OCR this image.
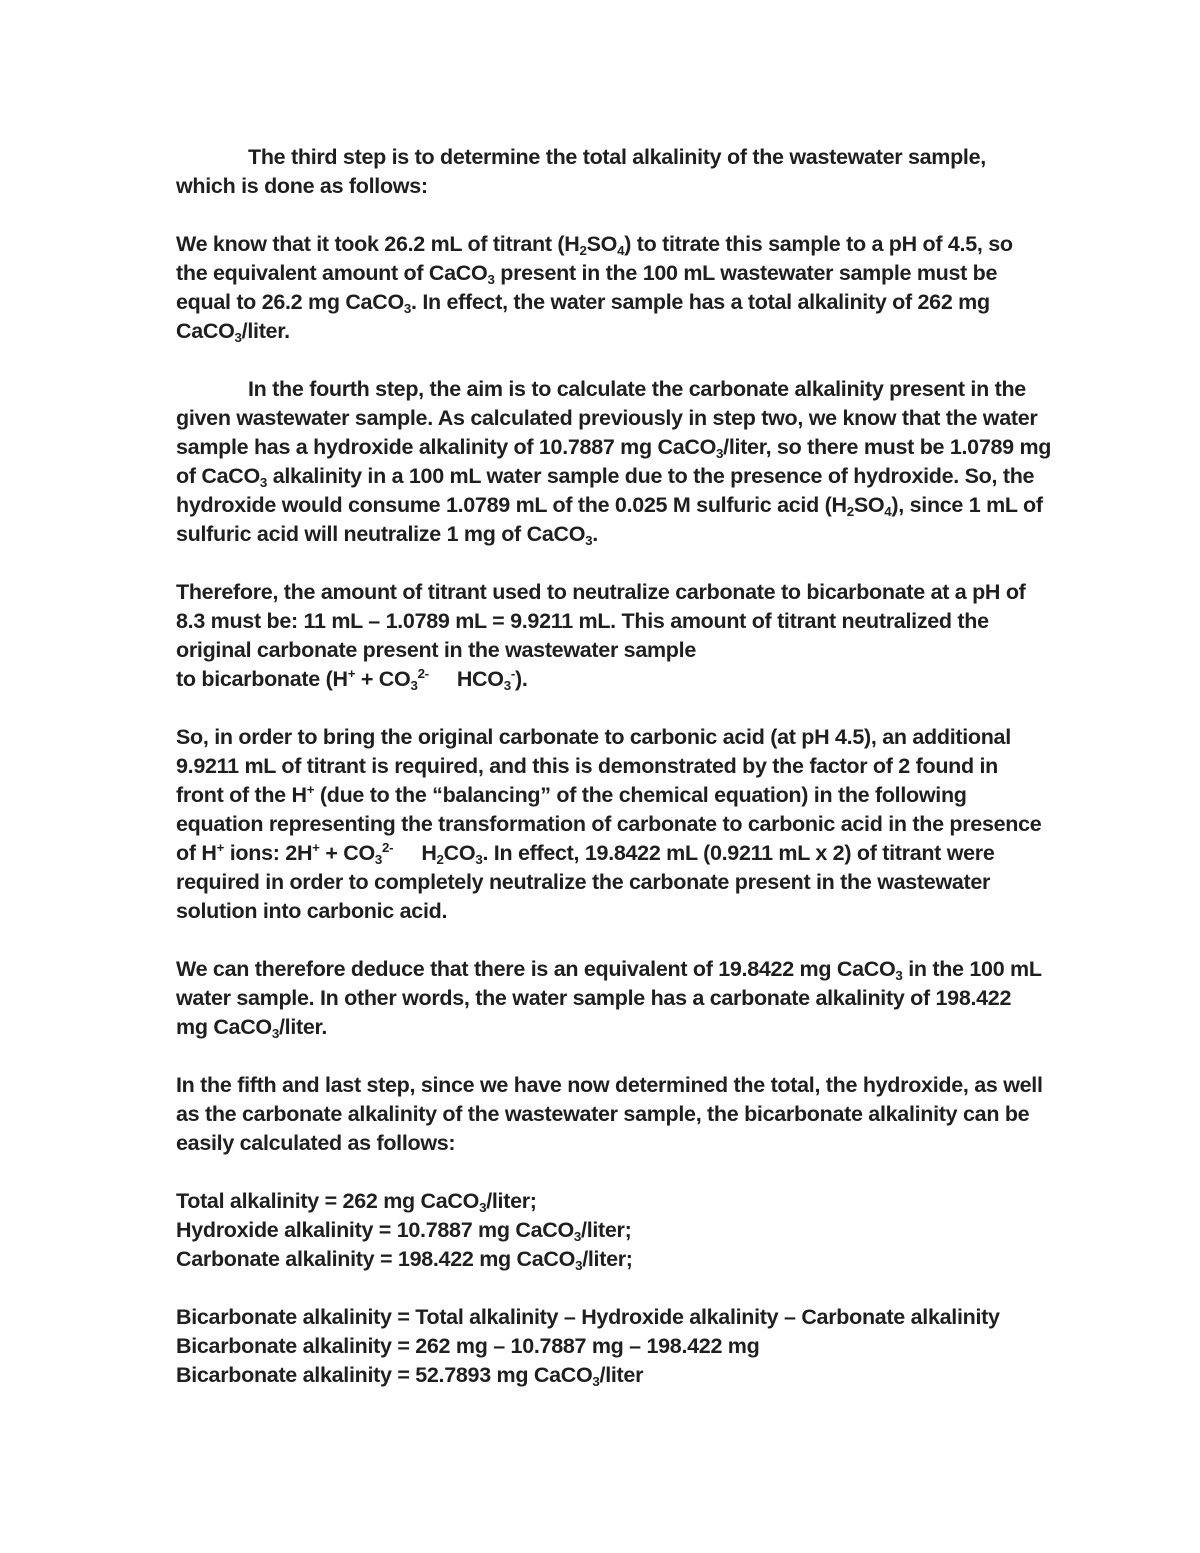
The third step is to determine the total alkalinity of the wastewater sample,
which is done as follows:

We know that it took 26.2 mL of titrant $(H_2SO_4)$ to titrate this sample to a pH of 4.5, so
the equivalent amount of CaCO$_3$ present in the 100 mL wastewater sample must be
equal to 26.2 mg CaCO$_3$. In effect, the water sample has a total alkalinity of 262 mg
CaCO$_3$/liter.

In the fourth step, the aim is to calculate the carbonate alkalinity present in the
given wastewater sample. As calculated previously in step two, we know that the water
sample has a hydroxide alkalinity of 10.7887 mg CaCO$_3$/liter, so there must be 1.0789 mg
of CaCO$_3$ alkalinity in a 100 mL water sample due to the presence of hydroxide. So, the
hydroxide would consume 1.0789 mL of the 0.025 M sulfuric acid $(H_2SO_4)$, since 1 mL of
sulfuric acid will neutralize 1 mg of CaCO$_3$.

Therefore, the amount of titrant used to neutralize carbonate to bicarbonate at a pH of
8.3 must be: 11 mL – 1.0789 mL = 9.9211 mL. This amount of titrant neutralized the
original carbonate present in the wastewater sample
to bicarbonate ($H^+ + CO_3^{2-}$ $HCO_3^-$).

So, in order to bring the original carbonate to carbonic acid (at pH 4.5), an additional
9.9211 mL of titrant is required, and this is demonstrated by the factor of 2 found in
front of the H+ (due to the “balancing” of the chemical equation) in the following
equation representing the transformation of carbonate to carbonic acid in the presence
of H+ ions: $2H^+ + CO_3^{2-}$ $H_2CO_3$. In effect, 19.8422 mL (0.9211 mL x 2) of titrant were
required in order to completely neutralize the carbonate present in the wastewater
solution into carbonic acid.

We can therefore deduce that there is an equivalent of 19.8422 mg CaCO$_3$ in the 100 mL
water sample. In other words, the water sample has a carbonate alkalinity of 198.422
mg CaCO$_3$/liter.

In the fifth and last step, since we have now determined the total, the hydroxide, as well
as the carbonate alkalinity of the wastewater sample, the bicarbonate alkalinity can be
easily calculated as follows:

Total alkalinity = 262 mg CaCO$_3$/liter;
Hydroxide alkalinity = 10.7887 mg CaCO$_3$/liter;
Carbonate alkalinity = 198.422 mg CaCO$_3$/liter;

Bicarbonate alkalinity = Total alkalinity – Hydroxide alkalinity – Carbonate alkalinity
Bicarbonate alkalinity = 262 mg – 10.7887 mg – 198.422 mg
Bicarbonate alkalinity = 52.7893 mg CaCO$_3$/liter
